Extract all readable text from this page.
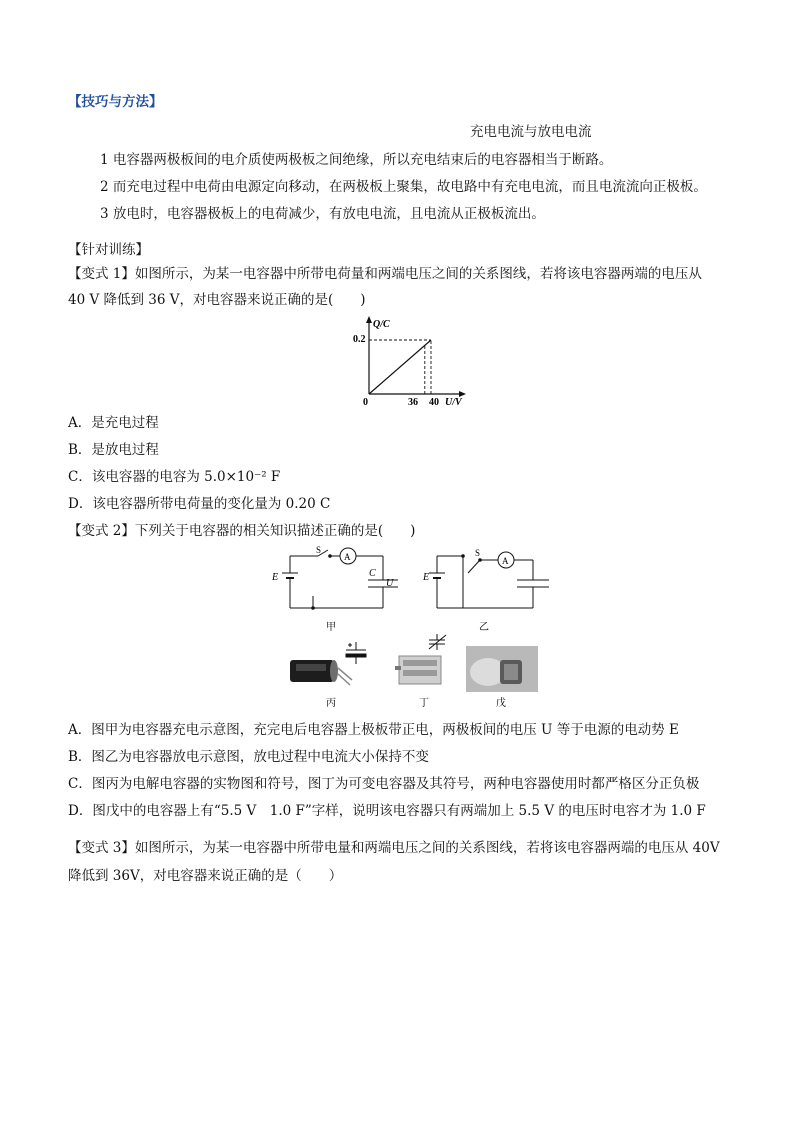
【技巧与方法】
充电电流与放电电流
1 电容器两极板间的电介质使两极板之间绝缘，所以充电结束后的电容器相当于断路。
2 而充电过程中电荷由电源定向移动，在两极板上聚集，故电路中有充电电流，而且电流流向正极板。
3 放电时，电容器极板上的电荷减少，有放电电流，且电流从正极板流出。
【针对训练】
【变式 1】如图所示，为某一电容器中所带电荷量和两端电压之间的关系图线，若将该电容器两端的电压从
40 V 降低到 36 V，对电容器来说正确的是(　　)
Q/C
U/V
0.2
0	36 40
A．是充电过程
B．是放电过程
C．该电容器的电容为 5.0×10⁻² F
D．该电容器所带电荷量的变化量为 0.20 C
【变式 2】下列关于电容器的相关知识描述正确的是(　　)
S
A
E	C
U
甲
S
A
E
乙
丙	丁	戊
A．图甲为电容器充电示意图，充完电后电容器上极板带正电，两极板间的电压 U 等于电源的电动势 E
B．图乙为电容器放电示意图，放电过程中电流大小保持不变
C．图丙为电解电容器的实物图和符号，图丁为可变电容器及其符号，两种电容器使用时都严格区分正负极
D．图戊中的电容器上有“5.5 V　1.0 F”字样，说明该电容器只有两端加上 5.5 V 的电压时电容才为 1.0 F
【变式 3】如图所示，为某一电容器中所带电量和两端电压之间的关系图线，若将该电容器两端的电压从 40V
降低到 36V，对电容器来说正确的是（　　）
